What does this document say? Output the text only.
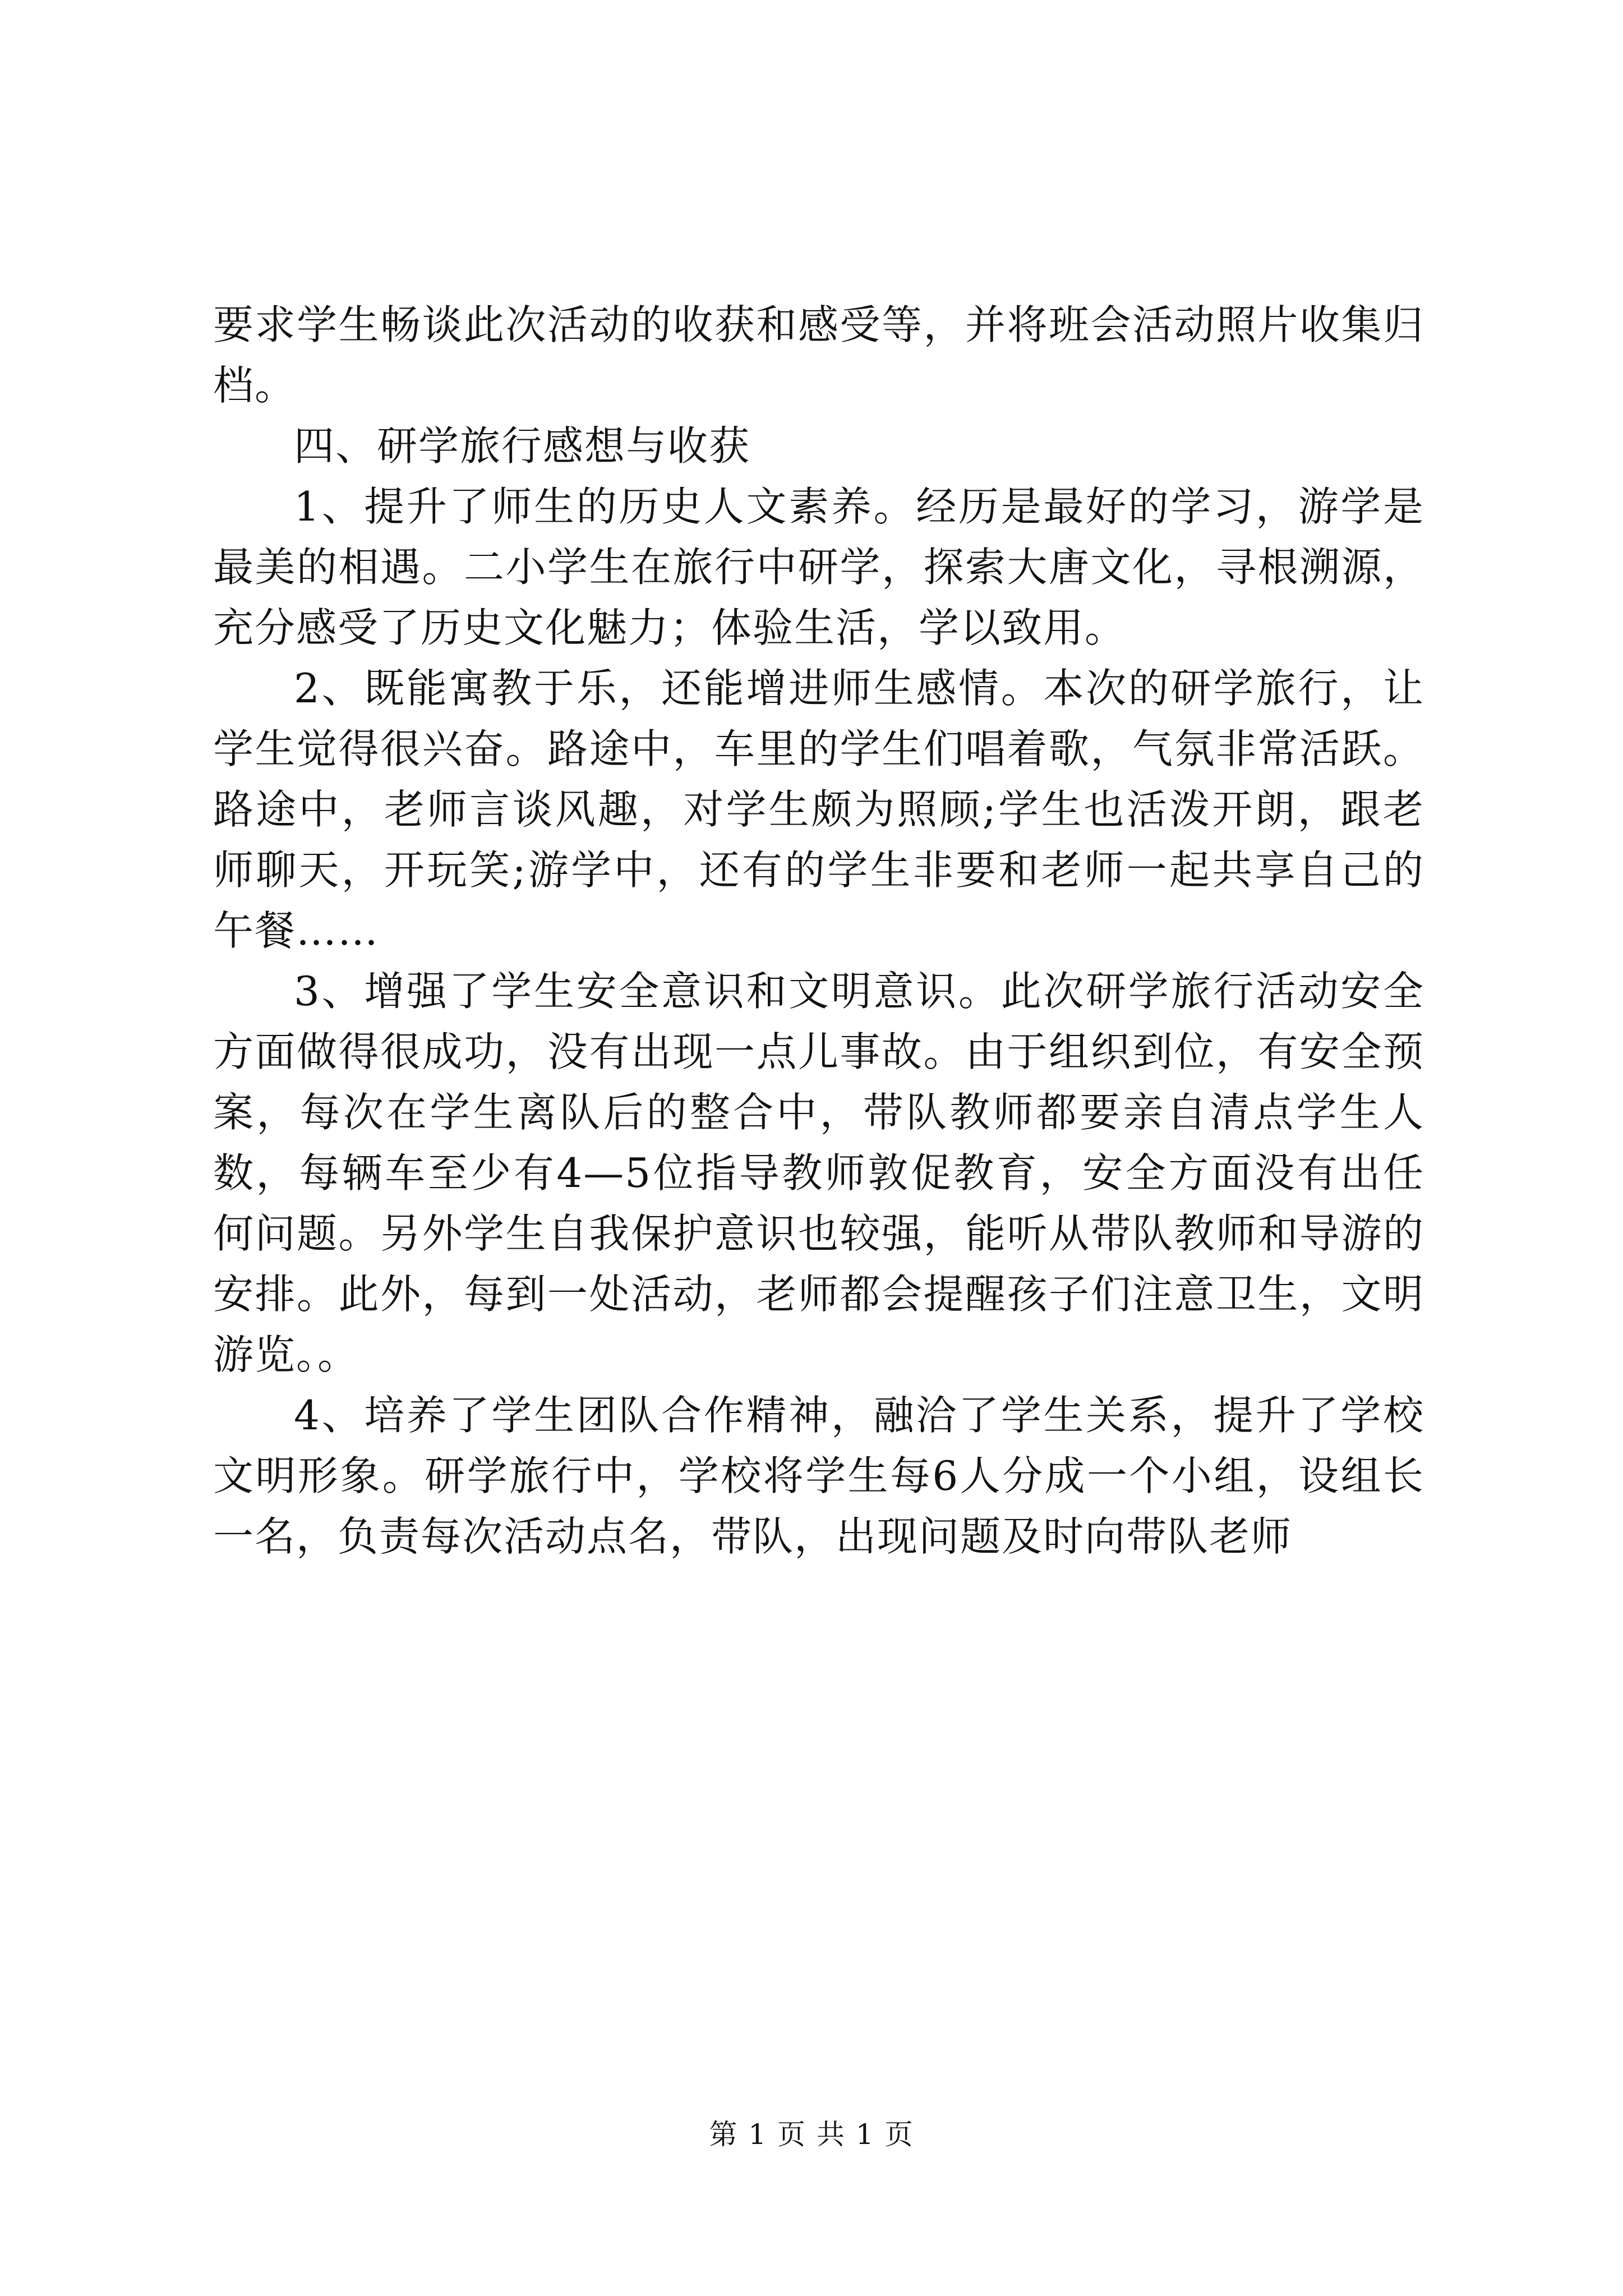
要求学生畅谈此次活动的收获和感受等，并将班会活动照片收集归档。

四、研学旅行感想与收获

1、提升了师生的历史人文素养。经历是最好的学习，游学是最美的相遇。二小学生在旅行中研学，探索大唐文化，寻根溯源，充分感受了历史文化魅力；体验生活，学以致用。

2、既能寓教于乐，还能增进师生感情。本次的研学旅行，让学生觉得很兴奋。路途中，车里的学生们唱着歌，气氛非常活跃。路途中，老师言谈风趣，对学生颇为照顾;学生也活泼开朗，跟老师聊天，开玩笑;游学中，还有的学生非要和老师一起共享自己的午餐……

3、增强了学生安全意识和文明意识。此次研学旅行活动安全方面做得很成功，没有出现一点儿事故。由于组织到位，有安全预案，每次在学生离队后的整合中，带队教师都要亲自清点学生人数，每辆车至少有4—5位指导教师敦促教育，安全方面没有出任何问题。另外学生自我保护意识也较强，能听从带队教师和导游的安排。此外，每到一处活动，老师都会提醒孩子们注意卫生，文明游览。。

4、培养了学生团队合作精神，融洽了学生关系，提升了学校文明形象。研学旅行中，学校将学生每6人分成一个小组，设组长一名，负责每次活动点名，带队，出现问题及时向带队老师

第 1 页 共 1 页
